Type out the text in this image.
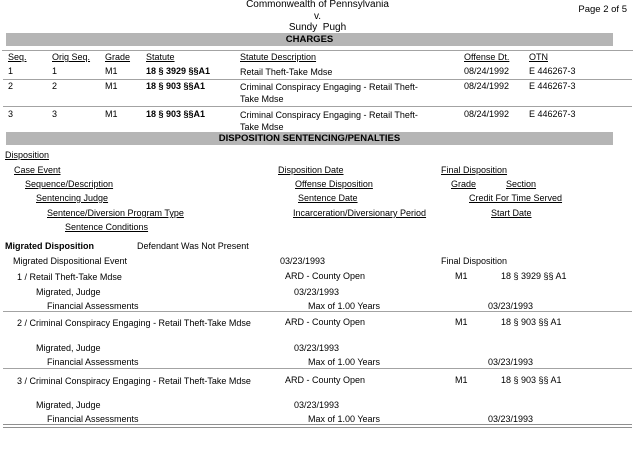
Commonwealth of Pennsylvania	Page 2 of 5
v.
Sundy  Pugh
CHARGES
Seq.	Orig Seq. Grade Statute	Statute Description	Offense Dt. OTN
1	1	M1	18 § 3929 §§A1	Retail Theft-Take Mdse	08/24/1992 E 446267-3
2	2	M1	18 § 903 §§A1	Criminal Conspiracy Engaging - Retail Theft-Take Mdse
08/24/1992 E 446267-3
3	3	M1	18 § 903 §§A1	Criminal Conspiracy Engaging - Retail Theft-Take Mdse
08/24/1992 E 446267-3
DISPOSITION SENTENCING/PENALTIES
Disposition
Case Event	Disposition Date	Final Disposition
Sequence/Description	Offense Disposition	Grade	Section
Sentencing Judge	Sentence Date	Credit For Time Served
Sentence/Diversion Program Type	Incarceration/Diversionary Period	Start Date
Sentence Conditions
Migrated Disposition	Defendant Was Not Present
Migrated Dispositional Event	03/23/1993	Final Disposition
1 / Retail Theft-Take Mdse	ARD - County Open	M1	18 § 3929 §§ A1
Migrated, Judge	03/23/1993
Financial Assessments	Max of 1.00 Years	03/23/1993
2 / Criminal Conspiracy Engaging - Retail Theft-Take Mdse	ARD - County Open	M1	18 § 903 §§ A1
Migrated, Judge	03/23/1993
Financial Assessments	Max of 1.00 Years	03/23/1993
3 / Criminal Conspiracy Engaging - Retail Theft-Take Mdse	ARD - County Open	M1	18 § 903 §§ A1
Migrated, Judge	03/23/1993
Financial Assessments	Max of 1.00 Years	03/23/1993
